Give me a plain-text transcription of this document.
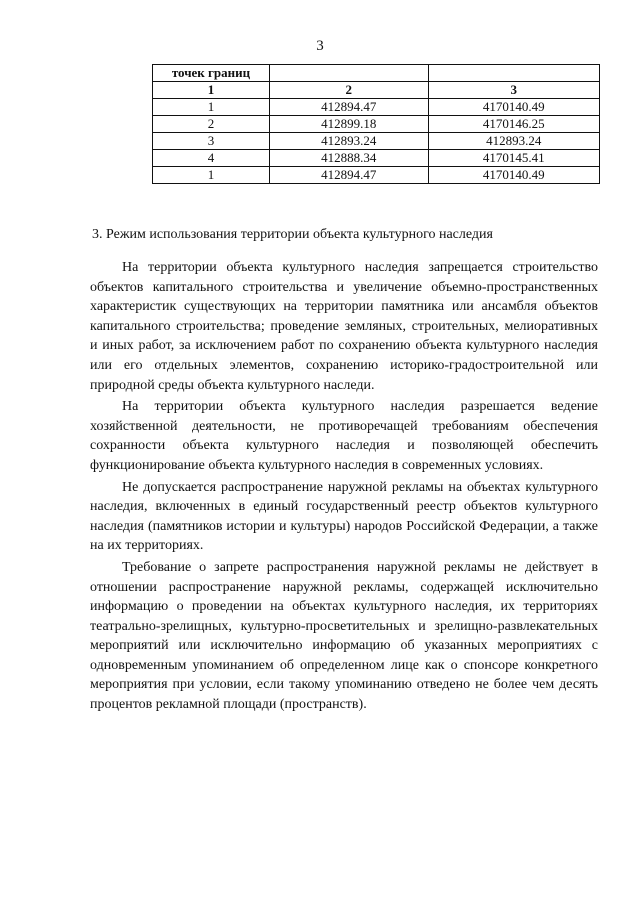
3
точек границ		
1	2	3
1	412894.47	4170140.49
2	412899.18	4170146.25
3	412893.24	412893.24
4	412888.34	4170145.41
1	412894.47	4170140.49
3. Режим использования территории объекта культурного наследия

На территории объекта культурного наследия запрещается строительство объектов капитального строительства и увеличение объемно-пространственных характеристик существующих на территории памятника или ансамбля объектов капитального строительства; проведение земляных, строительных, мелиоративных и иных работ, за исключением работ по сохранению объекта культурного наследия или его отдельных элементов, сохранению историко-градостроительной или природной среды объекта культурного наследи.

На территории объекта культурного наследия разрешается ведение хозяйственной деятельности, не противоречащей требованиям обеспечения сохранности объекта культурного наследия и позволяющей обеспечить функционирование объекта культурного наследия в современных условиях.

Не допускается распространение наружной рекламы на объектах культурного наследия, включенных в единый государственный реестр объектов культурного наследия (памятников истории и культуры) народов Российской Федерации, а также на их территориях.

Требование о запрете распространения наружной рекламы не действует в отношении распространение наружной рекламы, содержащей исключительно информацию о проведении на объектах культурного наследия, их территориях театрально-зрелищных, культурно-просветительных и зрелищно-развлекательных мероприятий или исключительно информацию об указанных мероприятиях с одновременным упоминанием об определенном лице как о спонсоре конкретного мероприятия при условии, если такому упоминанию отведено не более чем десять процентов рекламной площади (пространств).
